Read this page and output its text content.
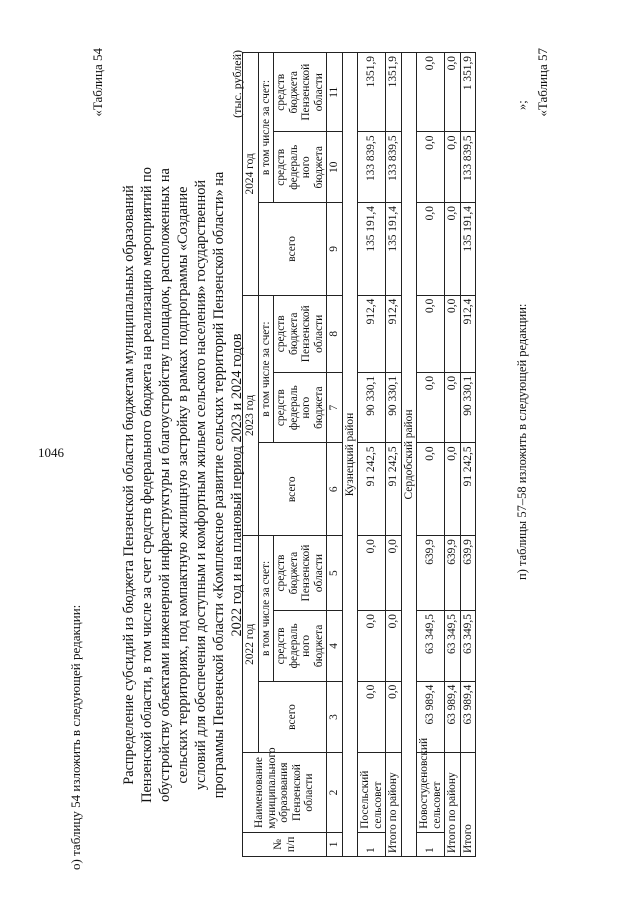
1046
о) таблицу 54 изложить в следующей редакции:
«Таблица 54
Распределение субсидий из бюджета Пензенской области бюджетам муниципальных образований Пензенской области, в том числе за счет средств федерального бюджета на реализацию мероприятий по обустройству объектами инженерной инфраструктуры и благоустройству площадок, расположенных на сельских территориях, под компактную жилищную застройку в рамках подпрограммы «Создание условий для обеспечения доступным и комфортным жильем сельского населения» государственной программы Пензенской области «Комплексное развитие сельских территорий Пензенской области» на 2022 год и на плановый период 2023 и 2024 годов
(тыс. рублей)
№ п/п	Наименование муниципального образования Пензенской области	2022 год			2023 год			2024 год		
		всего	в том числе за счет:		всего	в том числе за счет:		всего	в том числе за счет:	
			средств федераль ного бюджета	средств бюджета Пензенской области		средств федераль ного бюджета	средств бюджета Пензенской области		средств федераль ного бюджета	средств бюджета Пензенской области
1	2	3	4	5	6	7	8	9	10	11
Кузнецкий район										
1	Посельский сельсовет	0,0	0,0	0,0	91 242,5	90 330,1	912,4	135 191,4	133 839,5	1351,9
Итого по району		0,0	0,0	0,0	91 242,5	90 330,1	912,4	135 191,4	133 839,5	1351,9
Сердобский район										
1	Новостуденовский сельсовет	63 989,4	63 349,5	639,9	0,0	0,0	0,0	0,0	0,0	0,0
Итого по району		63 989,4	63 349,5	639,9	0,0	0,0	0,0	0,0	0,0	0,0
Итого		63 989,4	63 349,5	639,9	91 242,5	90 330,1	912,4	135 191,4	133 839,5	1 351,9
п) таблицы 57–58 изложить в следующей редакции:
»; «Таблица 57
